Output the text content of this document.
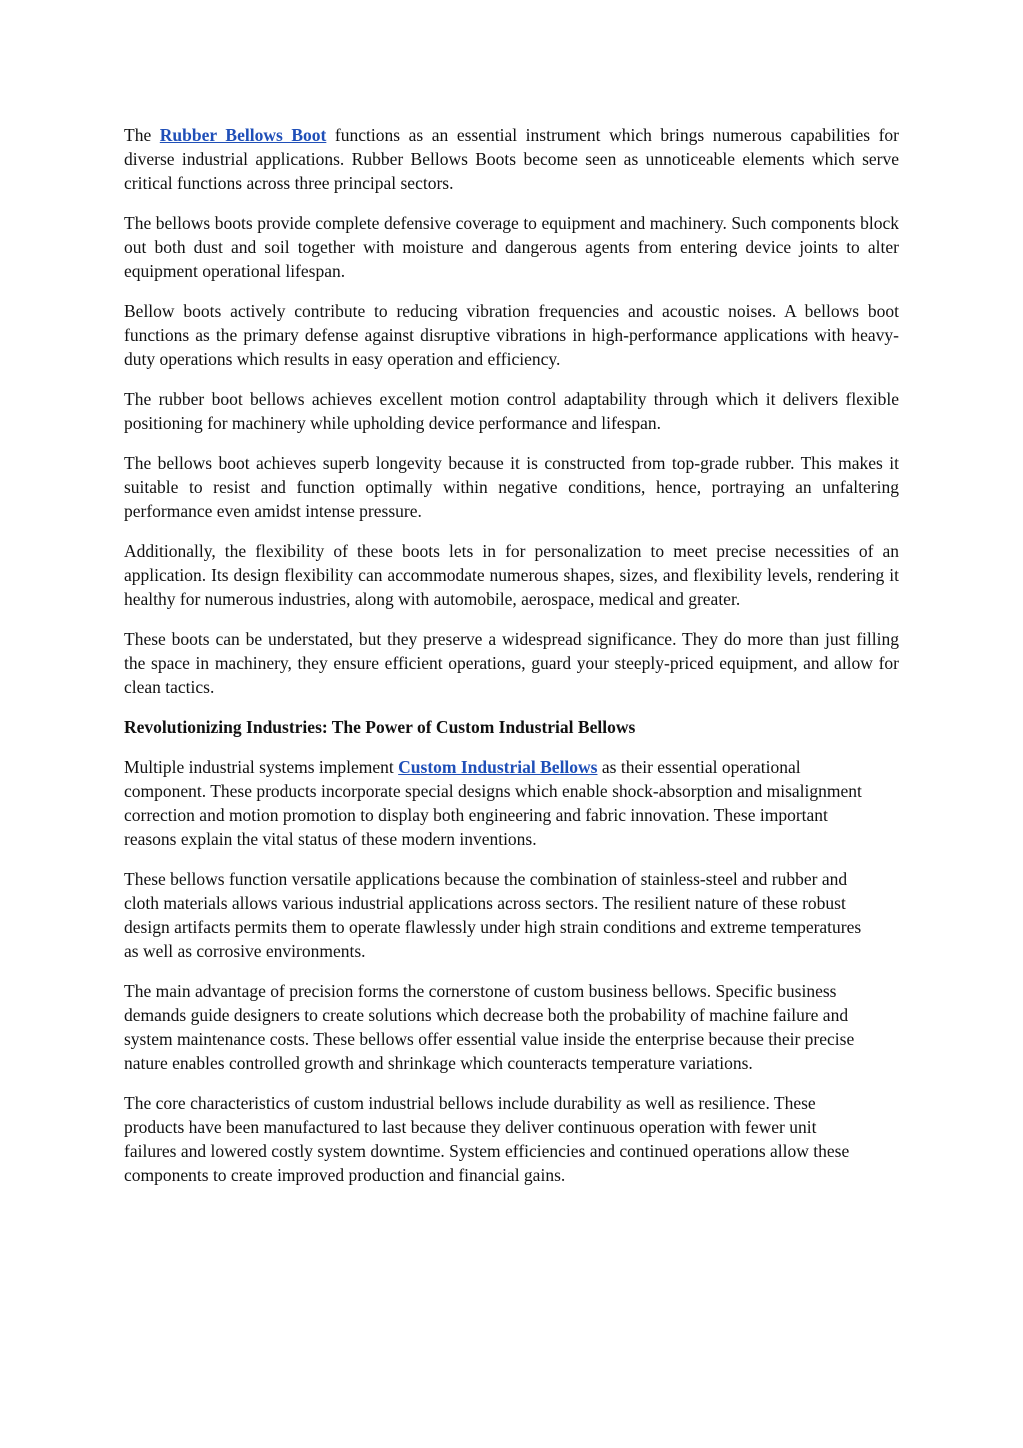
The Rubber Bellows Boot functions as an essential instrument which brings numerous capabilities for diverse industrial applications. Rubber Bellows Boots become seen as unnoticeable elements which serve critical functions across three principal sectors.

The bellows boots provide complete defensive coverage to equipment and machinery. Such components block out both dust and soil together with moisture and dangerous agents from entering device joints to alter equipment operational lifespan.

Bellow boots actively contribute to reducing vibration frequencies and acoustic noises. A bellows boot functions as the primary defense against disruptive vibrations in high-performance applications with heavy-duty operations which results in easy operation and efficiency.

The rubber boot bellows achieves excellent motion control adaptability through which it delivers flexible positioning for machinery while upholding device performance and lifespan.

The bellows boot achieves superb longevity because it is constructed from top-grade rubber. This makes it suitable to resist and function optimally within negative conditions, hence, portraying an unfaltering performance even amidst intense pressure.

Additionally, the flexibility of these boots lets in for personalization to meet precise necessities of an application. Its design flexibility can accommodate numerous shapes, sizes, and flexibility levels, rendering it healthy for numerous industries, along with automobile, aerospace, medical and greater.

These boots can be understated, but they preserve a widespread significance. They do more than just filling the space in machinery, they ensure efficient operations, guard your steeply-priced equipment, and allow for clean tactics.

Revolutionizing Industries: The Power of Custom Industrial Bellows

Multiple industrial systems implement Custom Industrial Bellows as their essential operational component. These products incorporate special designs which enable shock-absorption and misalignment correction and motion promotion to display both engineering and fabric innovation. These important reasons explain the vital status of these modern inventions.

These bellows function versatile applications because the combination of stainless-steel and rubber and cloth materials allows various industrial applications across sectors. The resilient nature of these robust design artifacts permits them to operate flawlessly under high strain conditions and extreme temperatures as well as corrosive environments.

The main advantage of precision forms the cornerstone of custom business bellows. Specific business demands guide designers to create solutions which decrease both the probability of machine failure and system maintenance costs. These bellows offer essential value inside the enterprise because their precise nature enables controlled growth and shrinkage which counteracts temperature variations.

The core characteristics of custom industrial bellows include durability as well as resilience. These products have been manufactured to last because they deliver continuous operation with fewer unit failures and lowered costly system downtime. System efficiencies and continued operations allow these components to create improved production and financial gains.
